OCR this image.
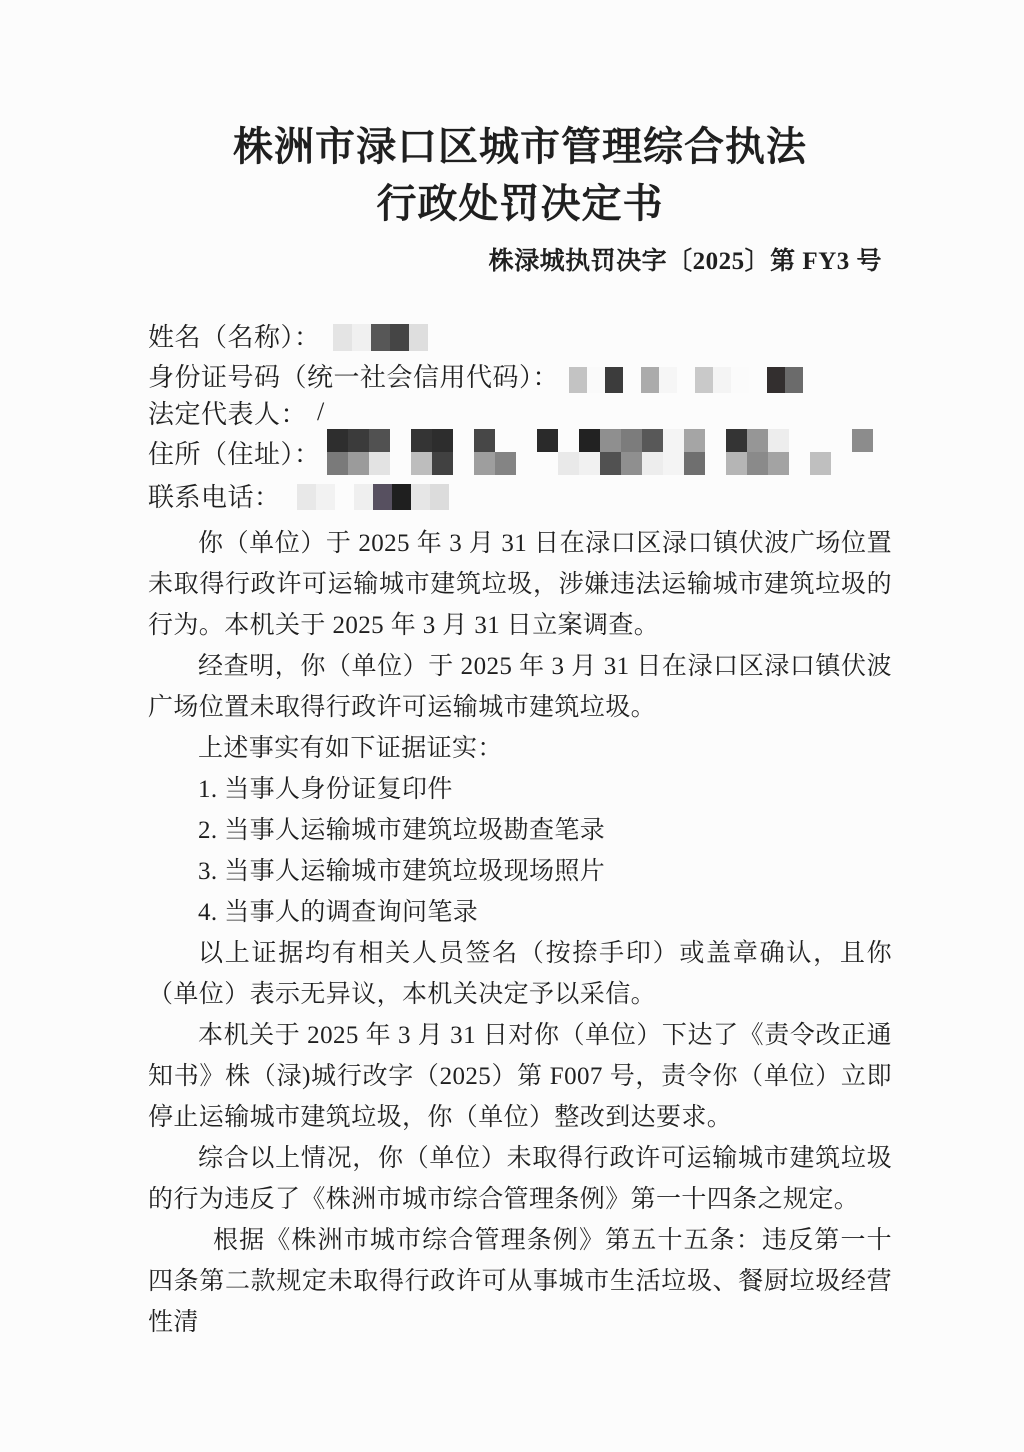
株洲市渌口区城市管理综合执法
行政处罚决定书
株渌城执罚决字〔2025〕第 FY3 号
姓名（名称）：
身份证号码（统一社会信用代码）：
法定代表人： /
住所（住址）：
联系电话：

你（单位）于 2025 年 3 月 31 日在渌口区渌口镇伏波广场位置未取得行政许可运输城市建筑垃圾，涉嫌违法运输城市建筑垃圾的行为。本机关于 2025 年 3 月 31 日立案调查。

经查明，你（单位）于 2025 年 3 月 31 日在渌口区渌口镇伏波广场位置未取得行政许可运输城市建筑垃圾。

上述事实有如下证据证实：

1. 当事人身份证复印件

2. 当事人运输城市建筑垃圾勘查笔录

3. 当事人运输城市建筑垃圾现场照片

4. 当事人的调查询问笔录

以上证据均有相关人员签名（按捺手印）或盖章确认，且你（单位）表示无异议，本机关决定予以采信。

本机关于 2025 年 3 月 31 日对你（单位）下达了《责令改正通知书》株（渌)城行改字（2025）第 F007 号，责令你（单位）立即停止运输城市建筑垃圾，你（单位）整改到达要求。

综合以上情况，你（单位）未取得行政许可运输城市建筑垃圾的行为违反了《株洲市城市综合管理条例》第一十四条之规定。

根据《株洲市城市综合管理条例》第五十五条：违反第一十四条第二款规定未取得行政许可从事城市生活垃圾、餐厨垃圾经营性清
